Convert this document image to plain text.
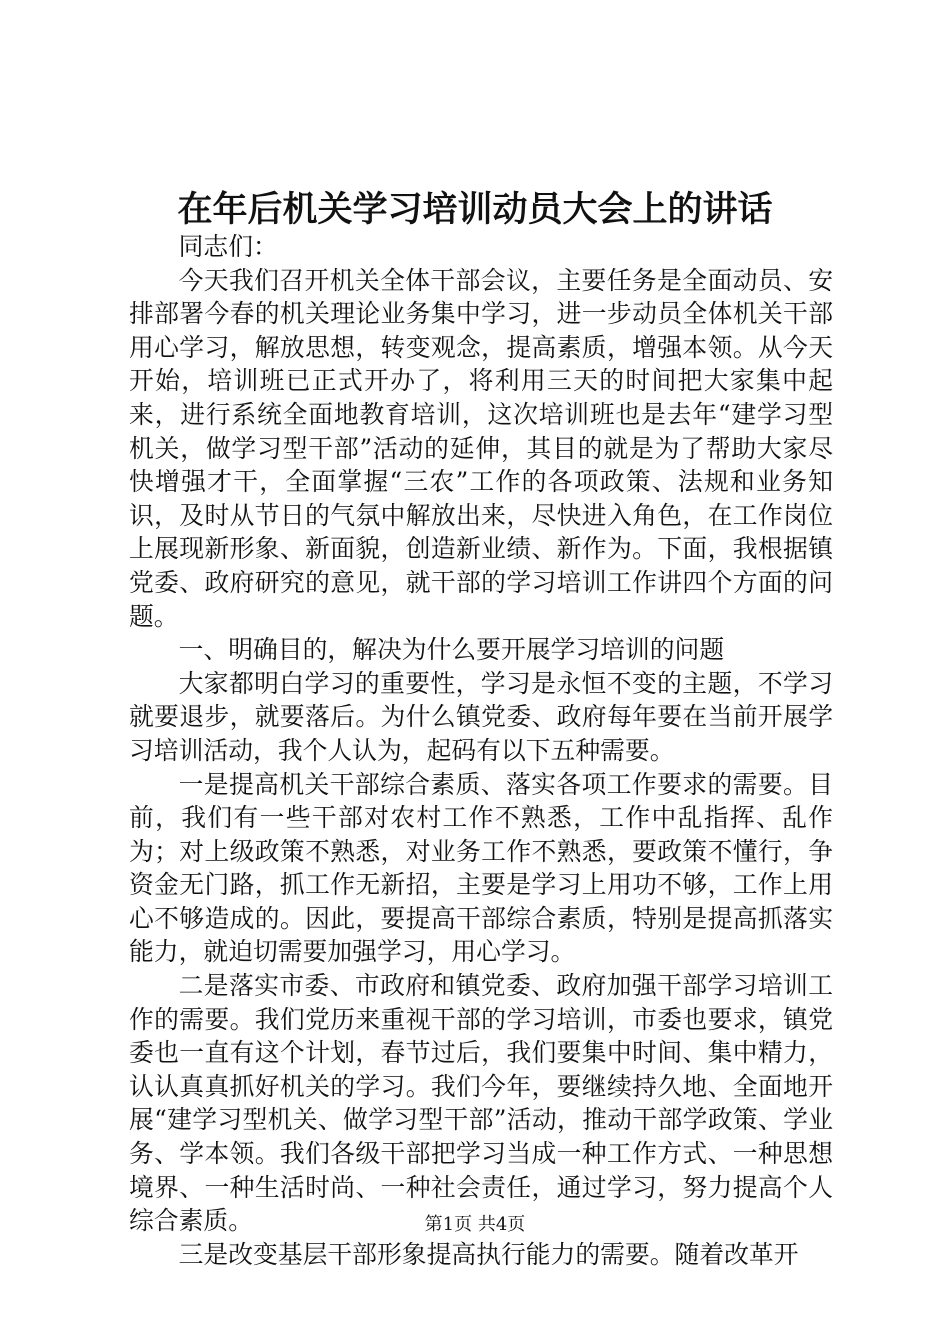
在年后机关学习培训动员大会上的讲话

同志们：

今天我们召开机关全体干部会议，主要任务是全面动员、安排部署今春的机关理论业务集中学习，进一步动员全体机关干部用心学习，解放思想，转变观念，提高素质，增强本领。从今天开始，培训班已正式开办了，将利用三天的时间把大家集中起来，进行系统全面地教育培训，这次培训班也是去年“建学习型机关，做学习型干部”活动的延伸，其目的就是为了帮助大家尽快增强才干，全面掌握“三农”工作的各项政策、法规和业务知识，及时从节日的气氛中解放出来，尽快进入角色，在工作岗位上展现新形象、新面貌，创造新业绩、新作为。下面，我根据镇党委、政府研究的意见，就干部的学习培训工作讲四个方面的问题。

一、明确目的，解决为什么要开展学习培训的问题

大家都明白学习的重要性，学习是永恒不变的主题，不学习就要退步，就要落后。为什么镇党委、政府每年要在当前开展学习培训活动，我个人认为，起码有以下五种需要。

一是提高机关干部综合素质、落实各项工作要求的需要。目前，我们有一些干部对农村工作不熟悉，工作中乱指挥、乱作为；对上级政策不熟悉，对业务工作不熟悉，要政策不懂行，争资金无门路，抓工作无新招，主要是学习上用功不够，工作上用心不够造成的。因此，要提高干部综合素质，特别是提高抓落实能力，就迫切需要加强学习，用心学习。

二是落实市委、市政府和镇党委、政府加强干部学习培训工作的需要。我们党历来重视干部的学习培训，市委也要求，镇党委也一直有这个计划，春节过后，我们要集中时间、集中精力，认认真真抓好机关的学习。我们今年，要继续持久地、全面地开展“建学习型机关、做学习型干部”活动，推动干部学政策、学业务、学本领。我们各级干部把学习当成一种工作方式、一种思想境界、一种生活时尚、一种社会责任，通过学习，努力提高个人综合素质。

三是改变基层干部形象提高执行能力的需要。随着改革开

第1页 共4页
